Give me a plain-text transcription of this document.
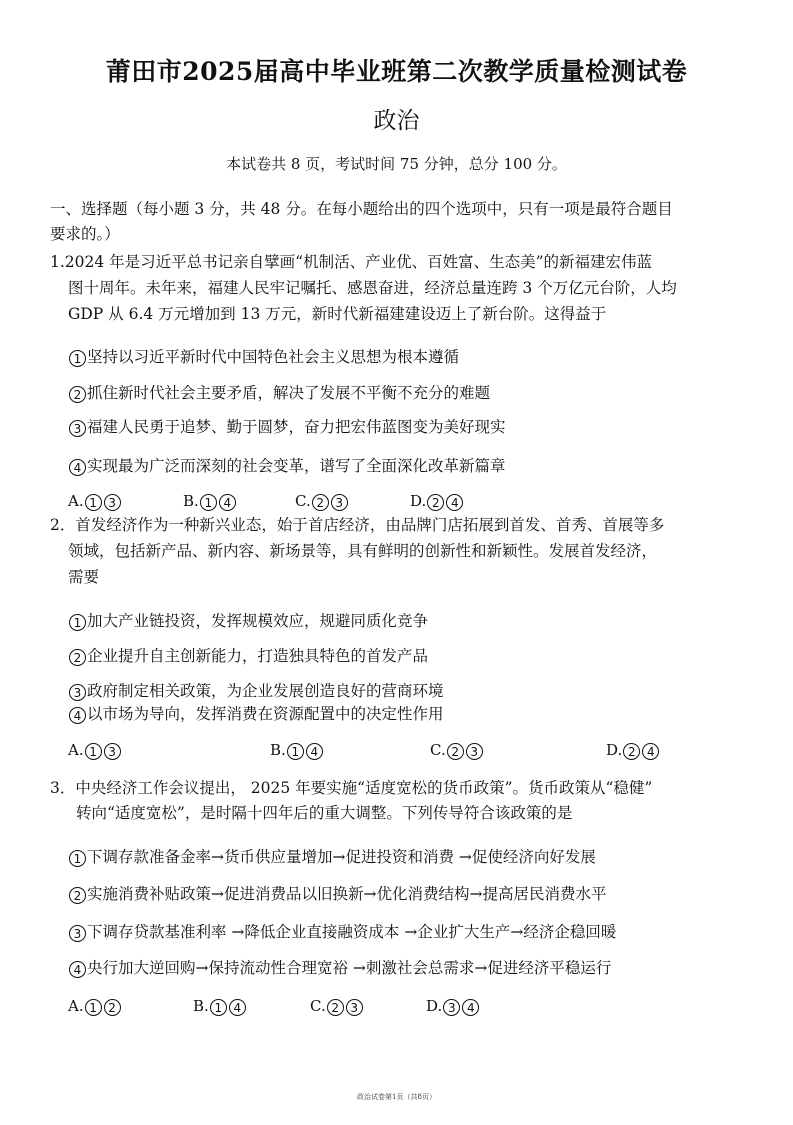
莆田市2025届高中毕业班第二次教学质量检测试卷
政治
本试卷共 8 页，考试时间 75 分钟，总分 100 分。
一、选择题（每小题 3 分，共 48 分。在每小题给出的四个选项中，只有一项是最符合题目
要求的。）
1.2024 年是习近平总书记亲自擘画“机制活、产业优、百姓富、生态美”的新福建宏伟蓝
图十周年。未年来，福建人民牢记嘱托、感恩奋进，经济总量连跨 3 个万亿元台阶，人均
GDP 从 6.4 万元增加到 13 万元，新时代新福建建设迈上了新台阶。这得益于
1 坚持以习近平新时代中国特色社会主义思想为根本遵循
2 抓住新时代社会主要矛盾，解决了发展不平衡不充分的难题
3 福建人民勇于追梦、勤于圆梦，奋力把宏伟蓝图变为美好现实
4 实现最为广泛而深刻的社会变革，谱写了全面深化改革新篇章
A. 1 3	B. 1 4	C. 2 3	D. 2 4
2．首发经济作为一种新兴业态，始于首店经济，由品牌门店拓展到首发、首秀、首展等多
领域，包括新产品、新内容、新场景等，具有鲜明的创新性和新颖性。发展首发经济，
需要
1 加大产业链投资，发挥规模效应，规避同质化竞争
2 企业提升自主创新能力，打造独具特色的首发产品
3 政府制定相关政策，为企业发展创造良好的营商环境
4 以市场为导向，发挥消费在资源配置中的决定性作用
A. 1 3	B. 1 4	C. 2 3	D. 2 4
3．中央经济工作会议提出， 2025 年要实施“适度宽松的货币政策”。货币政策从“稳健”
转向“适度宽松”，是时隔十四年后的重大调整。下列传导符合该政策的是
1 下调存款准备金率→货币供应量增加→促进投资和消费 →促使经济向好发展
2 实施消费补贴政策→促进消费品以旧换新→优化消费结构→提高居民消费水平
3 下调存贷款基准利率 →降低企业直接融资成本 →企业扩大生产→经济企稳回暖
4 央行加大逆回购→保持流动性合理宽裕 →刺激社会总需求→促进经济平稳运行
A. 1 2	B. 1 4	C. 2 3	D. 3 4
政治试卷第1页（共8页）
